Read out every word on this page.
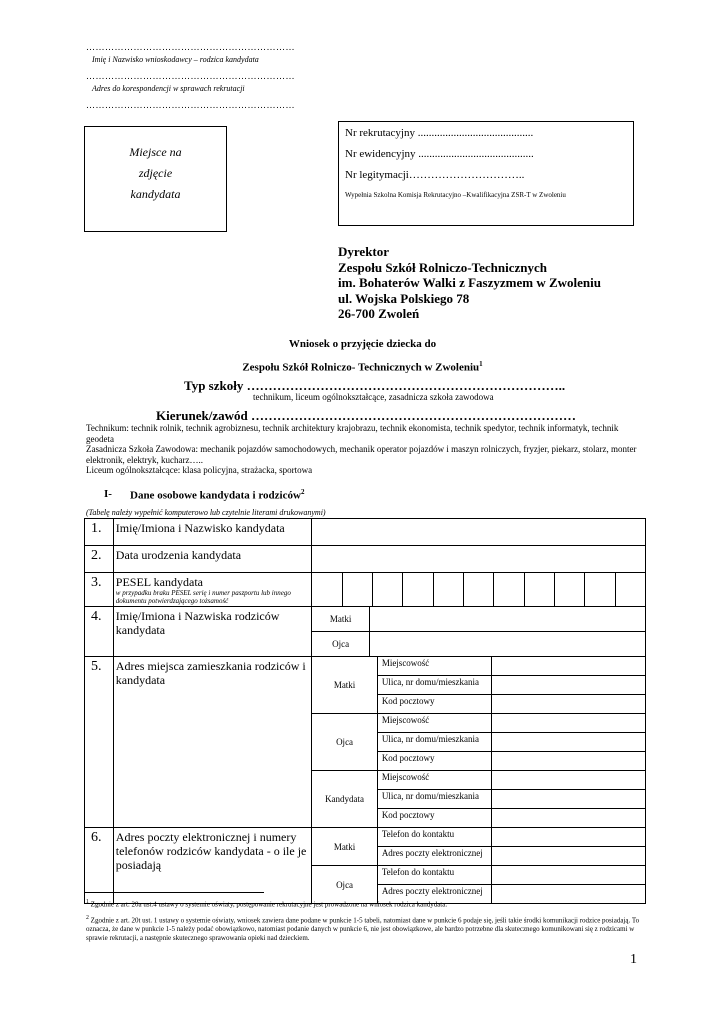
…………………………………………………………
Imię i Nazwisko wnioskodawcy – rodzica kandydata
…………………………………………………………
Adres do korespondencji w sprawach rekrutacji
…………………………………………………………
Miejsce na
zdjęcie
kandydata
Nr rekrutacyjny ..........................................
Nr ewidencyjny ..........................................
Nr legitymacji…………………………..
Wypełnia Szkolna Komisja Rekrutacyjno –Kwalifikacyjna ZSR-T w Zwoleniu
Dyrektor
Zespołu Szkół Rolniczo-Technicznych
im. Bohaterów Walki z Faszyzmem w Zwoleniu
ul. Wojska Polskiego 78
26-700 Zwoleń
Wniosek o przyjęcie dziecka do
Zespołu Szkół Rolniczo- Technicznych w Zwoleniu$^1$
Typ szkoły ………………………………………………………………..
technikum, liceum ogólnokształcące, zasadnicza szkoła zawodowa
Kierunek/zawód …………………………………………………………………
Technikum: technik rolnik, technik agrobiznesu, technik architektury krajobrazu, technik ekonomista, technik spedytor, technik informatyk, technik geodeta
Zasadnicza Szkoła Zawodowa: mechanik pojazdów samochodowych, mechanik operator pojazdów i maszyn rolniczych, fryzjer, piekarz, stolarz, monter elektronik, elektryk, kucharz…..
Liceum ogólnokształcące: klasa policyjna, strażacka, sportowa
I- Dane osobowe kandydata i rodziców$^2$
(Tabelę należy wypełnić komputerowo lub czytelnie literami drukowanymi)
1.	Imię/Imiona i Nazwisko kandydata				
2.	Data urodzenia kandydata				
3.	PESEL kandydata
w przypadku braku PESEL serię i numer paszportu lub innego dokumentu potwierdzającego tożsamość				

4.	Imię/Imiona i Nazwiska rodziców kandydata	Matki			
		Ojca			
5.	Adres miejsca zamieszkania rodziców i kandydata	Matki		Miejscowość	
				Ulica, nr domu/mieszkania	
				Kod pocztowy	
		Ojca		Miejscowość	
				Ulica, nr domu/mieszkania	
				Kod pocztowy	
		Kandydata		Miejscowość	
				Ulica, nr domu/mieszkania	
				Kod pocztowy	
6.	Adres poczty elektronicznej i numery telefonów rodziców kandydata - o ile je posiadają	Matki		Telefon do kontaktu	
				Adres poczty elektronicznej	
		Ojca		Telefon do kontaktu	
				Adres poczty elektronicznej	
$^1$ Zgodnie z art. 20a ust.4 ustawy o systemie oświaty, postępowanie rekrutacyjne jest prowadzone na wniosek rodzica kandydata.
$^2$ Zgodnie z art. 20t ust. 1 ustawy o systemie oświaty, wniosek zawiera dane podane w punkcie 1-5 tabeli, natomiast dane w punkcie 6 podaje się, jeśli takie środki komunikacji rodzice posiadają. To oznacza, że dane w punkcie 1-5 należy podać obowiązkowo, natomiast podanie danych w punkcie 6, nie jest obowiązkowe, ale bardzo potrzebne dla skutecznego komunikowani się z rodzicami w sprawie rekrutacji, a następnie skutecznego sprawowania opieki nad dzieckiem.
1
